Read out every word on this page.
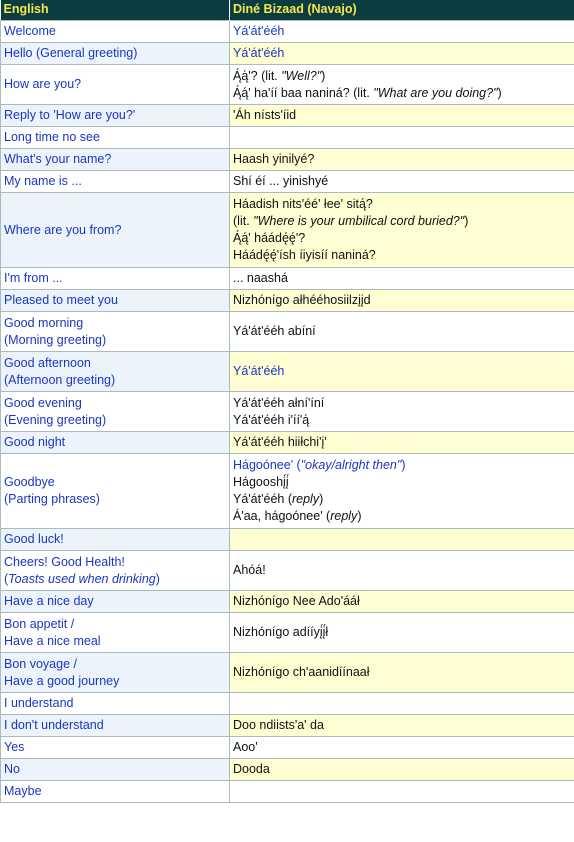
English	Diné Bizaad (Navajo)

Welcome	Yá'át'ééh

Hello (General greeting)	Yá'át'ééh

How are you?	Ą́ą́'? (lit. "Well?")
Ą́ą́' ha'íí baa naniná? (lit. "What are you doing?")

Reply to 'How are you?'	'Áh nísts'íid

Long time no see	

What's your name?	Haash yinilyé?

My name is ...	Shí éí ... yinishyé

Where are you from?	Háadish nits'éé' łee' sitą́?
(lit. "Where is your umbilical cord buried?")
Ą́ą́' háádę́ę́'?
Háádę́ę́'ísh íiyisíí naniná?

I'm from ...	... naashá

Pleased to meet you	Nizhónígo ałhééhosiilzįįd

Good morning
(Morning greeting)	Yá'át'ééh abíní

Good afternoon
(Afternoon greeting)	Yá'át'ééh

Good evening
(Evening greeting)	Yá'át'ééh ałní'íní
Yá'át'ééh i'íí'ą́

Good night	Yá'át'ééh hiiłchi'į'

Goodbye
(Parting phrases)	Hágoónee' ("okay/alright then")
Hágooshį́į́
Yá'át'ééh (reply)
Á'aa, hágoónee' (reply)

Good luck!	

Cheers! Good Health!
(Toasts used when drinking)	Ahóá!

Have a nice day	Nizhónígo Nee Ado'ááł

Bon appetit /
Have a nice meal	Nizhónígo adííyį́į́ł

Bon voyage /
Have a good journey	Nizhónígo ch'aanidíínaał

I understand	

I don't understand	Doo ndiists'a' da

Yes	Aoo'

No	Dooda

Maybe	
